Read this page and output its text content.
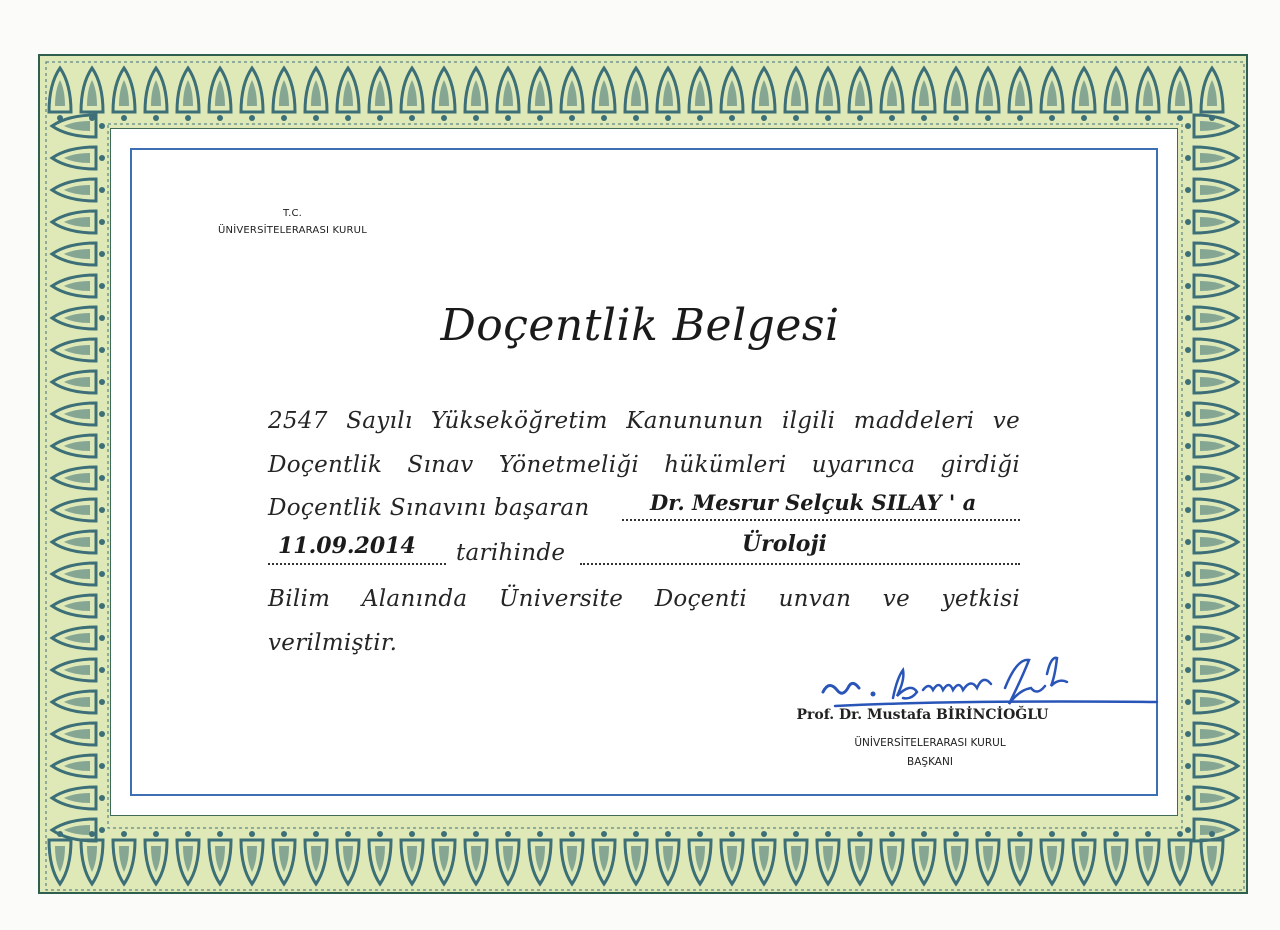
T.C.
ÜNİVERSİTELERARASI KURUL
Doçentlik Belgesi
2547 Sayılı Yükseköğretim Kanununun ilgili maddeleri ve
Doçentlik Sınav Yönetmeliği hükümleri uyarınca girdiği
Doçentlik Sınavını başaran	Dr. Mesrur Selçuk SILAY ' a
11.09.2014 tarihinde	Üroloji
Bilim Alanında Üniversite Doçenti unvan ve yetkisi
verilmiştir.
Prof. Dr. Mustafa BİRİNCİOĞLU
ÜNİVERSİTELERARASI KURUL
BAŞKANI
